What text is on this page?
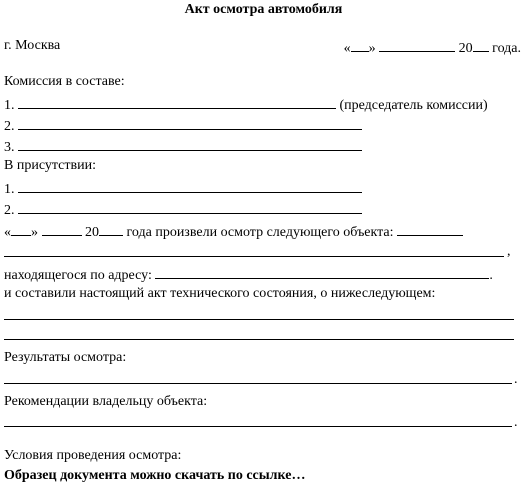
Акт осмотра автомобиля
г. Москва	« »	20 года.
Комиссия в составе:
1.	(председатель комиссии)
2.
3.
В присутствии:
1.
2.
« »	20 года произвели осмотр следующего объекта:
,
находящегося по адресу:	.
и составили настоящий акт технического состояния, о нижеследующем:
Результаты осмотра:
.
Рекомендации владельцу объекта:
.
Условия проведения осмотра:
Образец документа можно скачать по ссылке…
